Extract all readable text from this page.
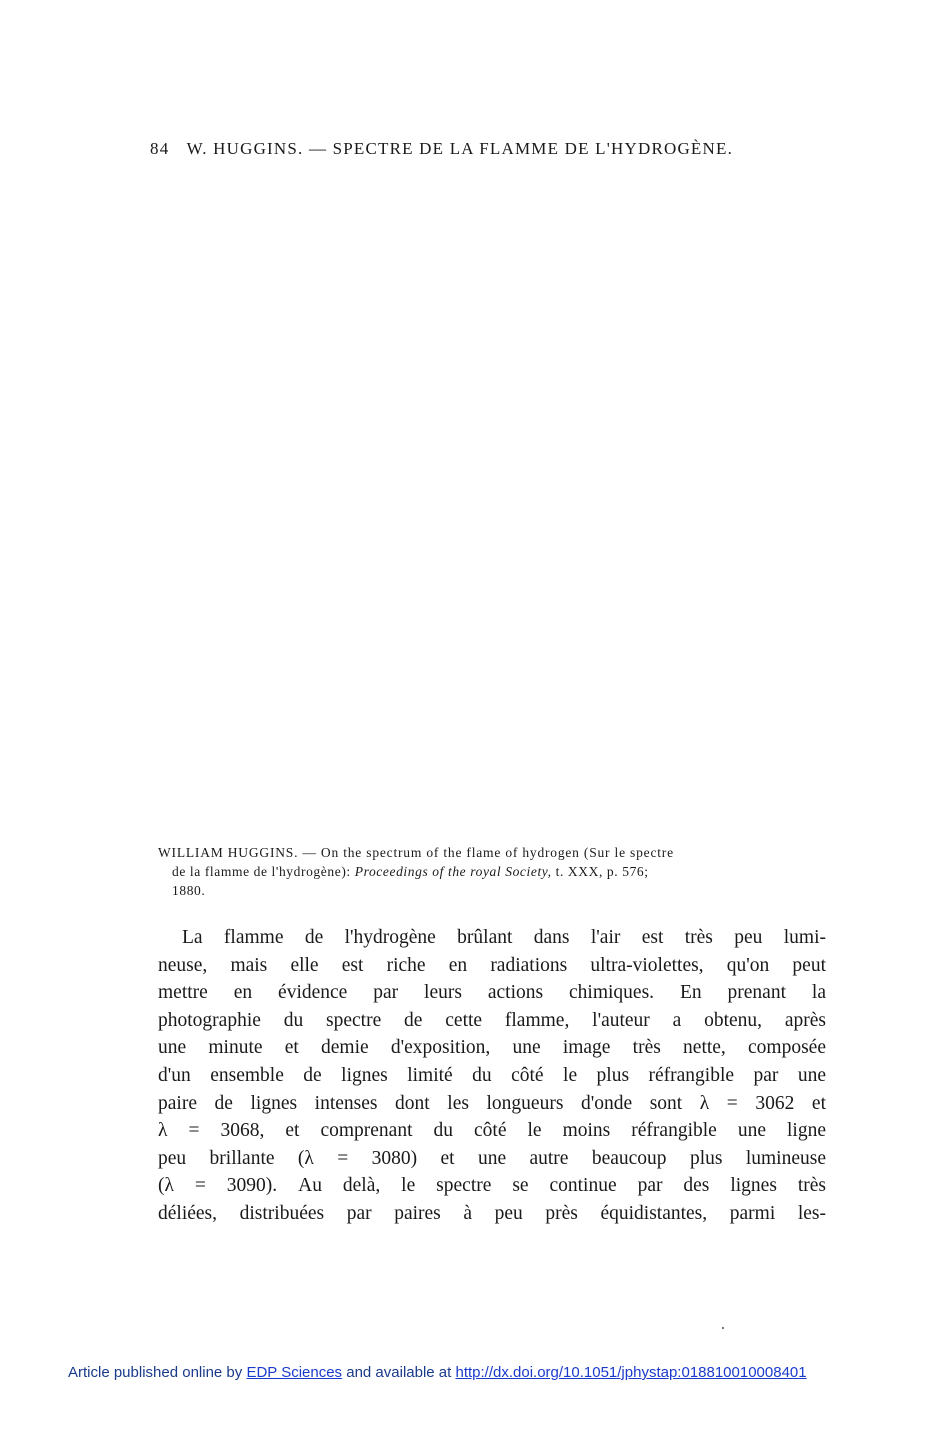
84 W. HUGGINS. — SPECTRE DE LA FLAMME DE L'HYDROGÈNE.
WILLIAM HUGGINS. — On the spectrum of the flame of hydrogen (Sur le spectre
de la flamme de l'hydrogène): Proceedings of the royal Society, t. XXX, p. 576;
1880.
La flamme de l'hydrogène brûlant dans l'air est très peu lumi-
neuse, mais elle est riche en radiations ultra-violettes, qu'on peut
mettre en évidence par leurs actions chimiques. En prenant la
photographie du spectre de cette flamme, l'auteur a obtenu, après
une minute et demie d'exposition, une image très nette, composée
d'un ensemble de lignes limité du côté le plus réfrangible par une
paire de lignes intenses dont les longueurs d'onde sont λ = 3062 et
λ = 3068, et comprenant du côté le moins réfrangible une ligne
peu brillante (λ = 3080) et une autre beaucoup plus lumineuse
(λ = 3090). Au delà, le spectre se continue par des lignes très
déliées, distribuées par paires à peu près équidistantes, parmi les-
Article published online by EDP Sciences and available at http://dx.doi.org/10.1051/jphystap:018810010008401
